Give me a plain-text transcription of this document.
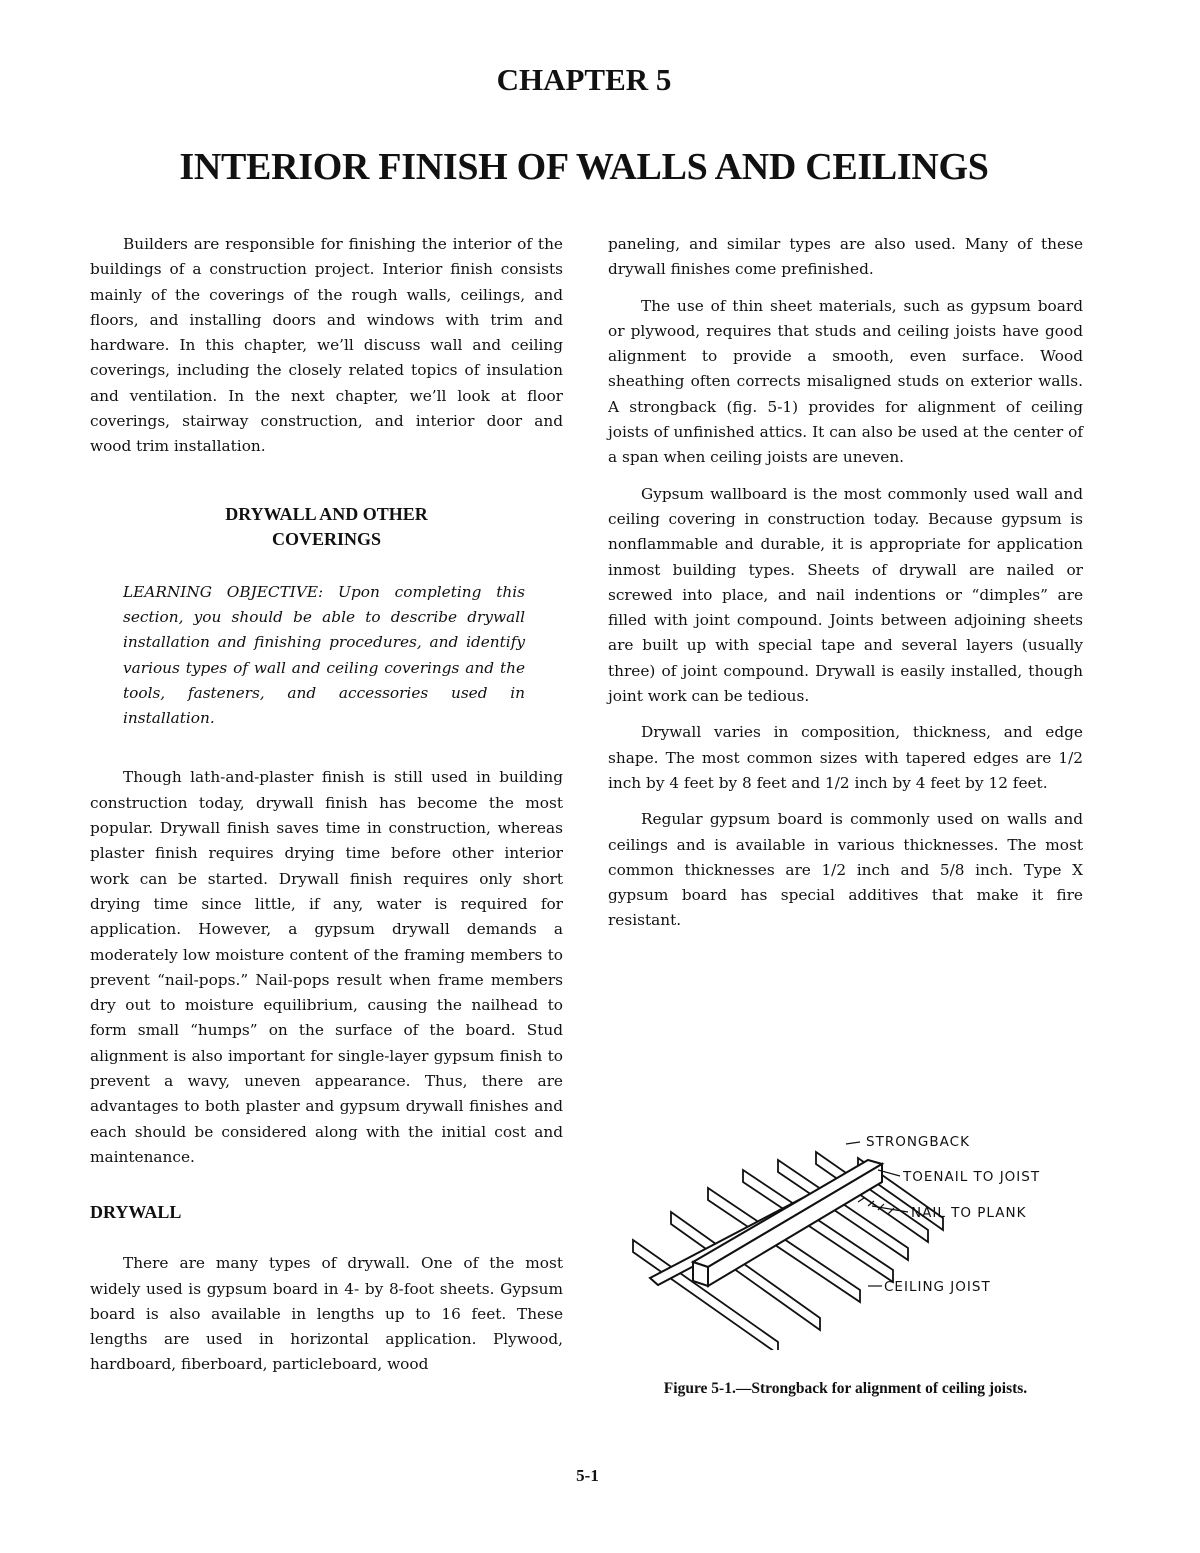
CHAPTER 5
INTERIOR FINISH OF WALLS AND CEILINGS

Builders are responsible for finishing the interior of the buildings of a construction project. Interior finish consists mainly of the coverings of the rough walls, ceilings, and floors, and installing doors and windows with trim and hardware. In this chapter, we’ll discuss wall and ceiling coverings, including the closely related topics of insulation and ventilation. In the next chapter, we’ll look at floor coverings, stairway construction, and interior door and wood trim installation.

DRYWALL AND OTHER
COVERINGS
LEARNING OBJECTIVE: Upon completing this section, you should be able to describe drywall installation and finishing procedures, and identify various types of wall and ceiling coverings and the tools, fasteners, and accessories used in installation.

Though lath-and-plaster finish is still used in building construction today, drywall finish has become the most popular. Drywall finish saves time in construction, whereas plaster finish requires drying time before other interior work can be started. Drywall finish requires only short drying time since little, if any, water is required for application. However, a gypsum drywall demands a moderately low moisture content of the framing members to prevent “nail-pops.” Nail-pops result when frame members dry out to moisture equilibrium, causing the nailhead to form small “humps” on the surface of the board. Stud alignment is also important for single-layer gypsum finish to prevent a wavy, uneven appearance. Thus, there are advantages to both plaster and gypsum drywall finishes and each should be considered along with the initial cost and maintenance.

DRYWALL

There are many types of drywall. One of the most widely used is gypsum board in 4- by 8-foot sheets. Gypsum board is also available in lengths up to 16 feet. These lengths are used in horizontal application. Plywood, hardboard, fiberboard, particleboard, wood

paneling, and similar types are also used. Many of these drywall finishes come prefinished.

The use of thin sheet materials, such as gypsum board or plywood, requires that studs and ceiling joists have good alignment to provide a smooth, even surface. Wood sheathing often corrects misaligned studs on exterior walls. A strongback (fig. 5-1) provides for alignment of ceiling joists of unfinished attics. It can also be used at the center of a span when ceiling joists are uneven.

Gypsum wallboard is the most commonly used wall and ceiling covering in construction today. Because gypsum is nonflammable and durable, it is appropriate for application inmost building types. Sheets of drywall are nailed or screwed into place, and nail indentions or “dimples” are filled with joint compound. Joints between adjoining sheets are built up with special tape and several layers (usually three) of joint compound. Drywall is easily installed, though joint work can be tedious.

Drywall varies in composition, thickness, and edge shape. The most common sizes with tapered edges are 1/2 inch by 4 feet by 8 feet and 1/2 inch by 4 feet by 12 feet.

Regular gypsum board is commonly used on walls and ceilings and is available in various thicknesses. The most common thicknesses are 1/2 inch and 5/8 inch. Type X gypsum board has special additives that make it fire resistant.

STRONGBACK
TOENAIL TO JOIST
NAIL TO PLANK
CEILING JOIST
Figure 5-1.—Strongback for alignment of ceiling joists.
5-1
